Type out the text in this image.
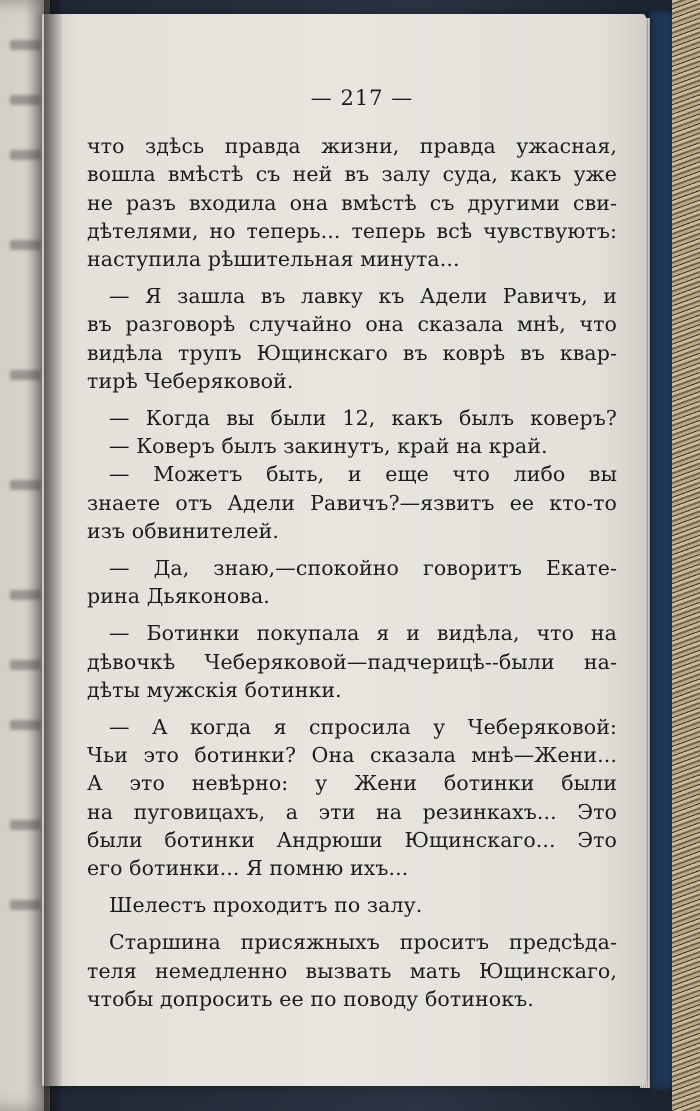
— 217 —
что здѣсь правда жизни, правда ужасная,
вошла вмѣстѣ съ ней въ залу суда, какъ уже
не разъ входила она вмѣстѣ съ другими сви-
дѣтелями, но теперь... теперь всѣ чувствуютъ:
наступила рѣшительная минута...
— Я зашла въ лавку къ Адели Равичъ, и
въ разговорѣ случайно она сказала мнѣ, что
видѣла трупъ Ющинскаго въ коврѣ въ квар-
тирѣ Чеберяковой.
— Когда вы были 12, какъ былъ коверъ?
— Коверъ былъ закинутъ, край на край.
— Можетъ быть, и еще что либо вы
знаете отъ Адели Равичъ?—язвитъ ее кто-то
изъ обвинителей.
— Да, знаю,—спокойно говоритъ Екате-
рина Дьяконова.
— Ботинки покупала я и видѣла, что на
дѣвочкѣ Чеберяковой—падчерицѣ--были на-
дѣты мужскія ботинки.
— А когда я спросила у Чеберяковой:
Чьи это ботинки? Она сказала мнѣ—Жени...
А это невѣрно: у Жени ботинки были
на пуговицахъ, а эти на резинкахъ... Это
были ботинки Андрюши Ющинскаго... Это
его ботинки... Я помню ихъ...
Шелестъ проходитъ по залу.
Старшина присяжныхъ проситъ предсѣда-
теля немедленно вызвать мать Ющинскаго,
чтобы допросить ее по поводу ботинокъ.
